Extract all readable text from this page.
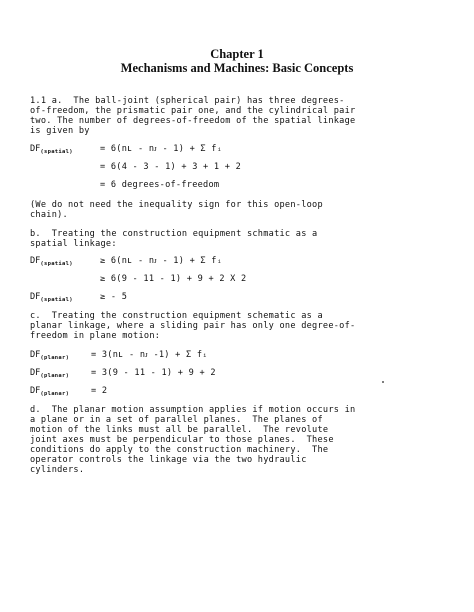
Chapter 1
Mechanisms and Machines: Basic Concepts
1.1 a.  The ball-joint (spherical pair) has three degrees-
of-freedom, the prismatic pair one, and the cylindrical pair
two. The number of degrees-of-freedom of the spatial linkage
is given by
$DF_{(spatial)}$	= 6(nʟ - nᴊ - 1) + Σ fᵢ
= 6(4 - 3 - 1) + 3 + 1 + 2
= 6 degrees-of-freedom
(We do not need the inequality sign for this open-loop
chain).
b.  Treating the construction equipment schmatic as a
spatial linkage:
$DF_{(spatial)}$	≥ 6(nʟ - nᴊ - 1) + Σ fᵢ
≥ 6(9 - 11 - 1) + 9 + 2 X 2
$DF_{(spatial)}$	≥ - 5
c.  Treating the construction equipment schematic as a
planar linkage, where a sliding pair has only one degree-of-
freedom in plane motion:
$DF_{(planar)}$	= 3(nʟ - nᴊ -1) + Σ fᵢ
$DF_{(planar)}$	= 3(9 - 11 - 1) + 9 + 2
$DF_{(planar)}$	= 2
d.  The planar motion assumption applies if motion occurs in
a plane or in a set of parallel planes.  The planes of
motion of the links must all be parallel.  The revolute
joint axes must be perpendicular to those planes.  These
conditions do apply to the construction machinery.  The
operator controls the linkage via the two hydraulic
cylinders.
